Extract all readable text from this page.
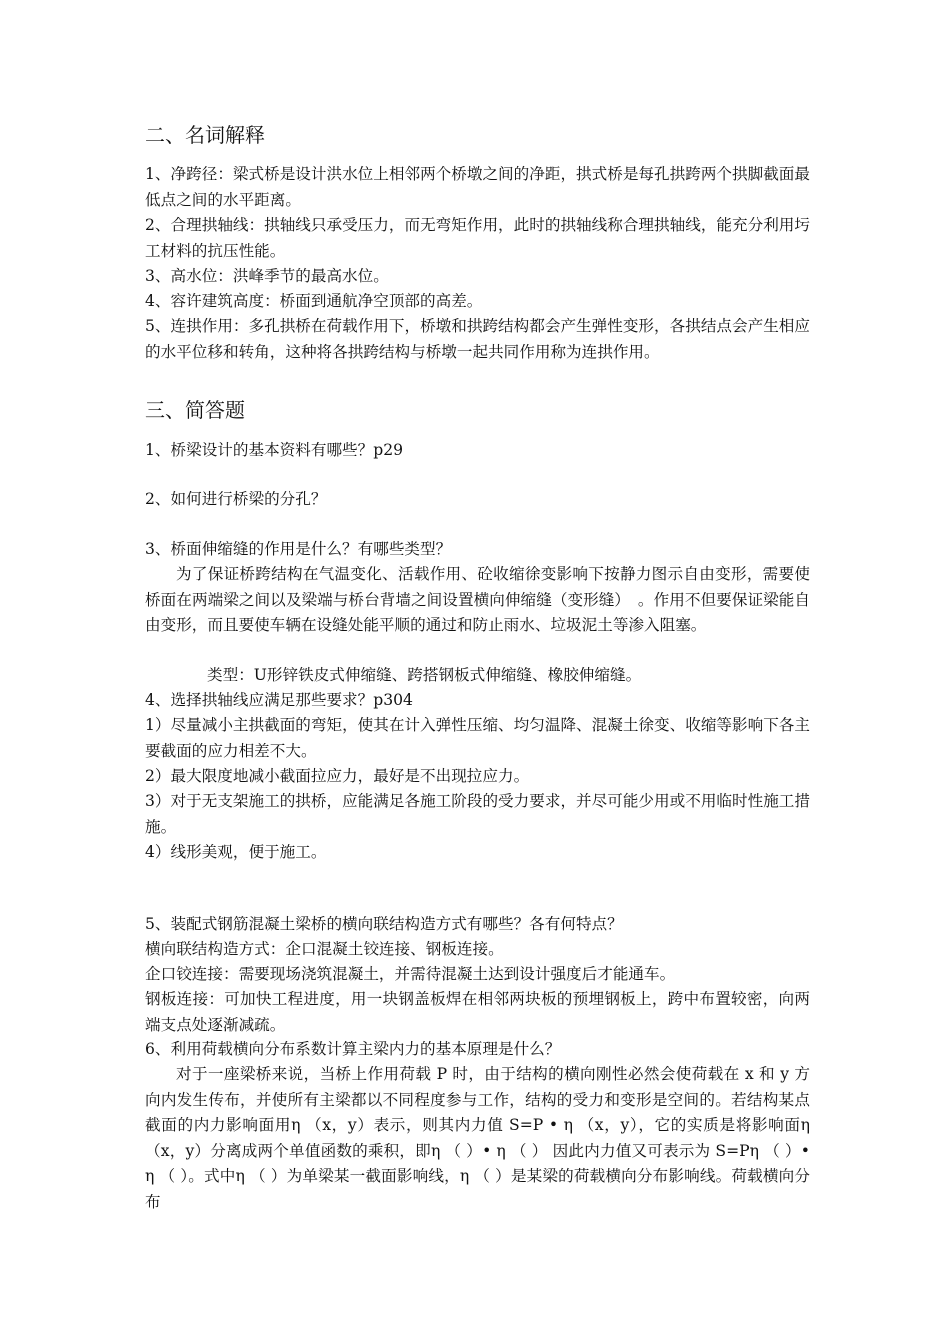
二、名词解释

1、净跨径：梁式桥是设计洪水位上相邻两个桥墩之间的净距，拱式桥是每孔拱跨两个拱脚截面最低点之间的水平距离。

2、合理拱轴线：拱轴线只承受压力，而无弯矩作用，此时的拱轴线称合理拱轴线，能充分利用圬工材料的抗压性能。

3、高水位：洪峰季节的最高水位。

4、容许建筑高度：桥面到通航净空顶部的高差。

5、连拱作用：多孔拱桥在荷载作用下，桥墩和拱跨结构都会产生弹性变形，各拱结点会产生相应的水平位移和转角，这种将各拱跨结构与桥墩一起共同作用称为连拱作用。

三、简答题

1、桥梁设计的基本资料有哪些？p29

2、如何进行桥梁的分孔？

3、桥面伸缩缝的作用是什么？有哪些类型？

为了保证桥跨结构在气温变化、活载作用、砼收缩徐变影响下按静力图示自由变形，需要使桥面在两端梁之间以及梁端与桥台背墙之间设置横向伸缩缝（变形缝）　。作用不但要保证梁能自由变形，而且要使车辆在设缝处能平顺的通过和防止雨水、垃圾泥土等渗入阻塞。

类型：U形锌铁皮式伸缩缝、跨搭钢板式伸缩缝、橡胶伸缩缝。

4、选择拱轴线应满足那些要求？p304

1）尽量减小主拱截面的弯矩，使其在计入弹性压缩、均匀温降、混凝土徐变、收缩等影响下各主要截面的应力相差不大。

2）最大限度地减小截面拉应力，最好是不出现拉应力。

3）对于无支架施工的拱桥，应能满足各施工阶段的受力要求，并尽可能少用或不用临时性施工措施。

4）线形美观，便于施工。

5、装配式钢筋混凝土梁桥的横向联结构造方式有哪些？各有何特点？

横向联结构造方式：企口混凝土铰连接、钢板连接。

企口铰连接：需要现场浇筑混凝土，并需待混凝土达到设计强度后才能通车。

钢板连接：可加快工程进度，用一块钢盖板焊在相邻两块板的预埋钢板上，跨中布置较密，向两端支点处逐渐减疏。

6、利用荷载横向分布系数计算主梁内力的基本原理是什么？

对于一座梁桥来说，当桥上作用荷载 P 时，由于结构的横向刚性必然会使荷载在 x 和 y 方向内发生传布，并使所有主梁都以不同程度参与工作，结构的受力和变形是空间的。若结构某点截面的内力影响面用η （x，y）表示，则其内力值 S=P • η （x，y），它的实质是将影响面η （x，y）分离成两个单值函数的乘积，即η （ ）• η （ ） 因此内力值又可表示为 S=Pη （ ）• η （ ）。式中η （ ）为单梁某一截面影响线，η （ ）是某梁的荷载横向分布影响线。荷载横向分布
